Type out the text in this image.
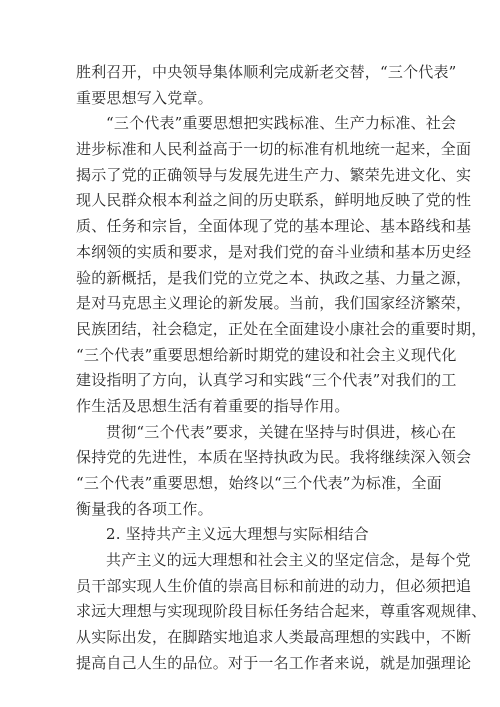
胜利召开，中央领导集体顺利完成新老交替，“三个代表”
重要思想写入党章。
“三个代表”重要思想把实践标准、生产力标准、社会
进步标准和人民利益高于一切的标准有机地统一起来，全面
揭示了党的正确领导与发展先进生产力、繁荣先进文化、实
现人民群众根本利益之间的历史联系，鲜明地反映了党的性
质、任务和宗旨，全面体现了党的基本理论、基本路线和基
本纲领的实质和要求，是对我们党的奋斗业绩和基本历史经
验的新概括，是我们党的立党之本、执政之基、力量之源，
是对马克思主义理论的新发展。当前，我们国家经济繁荣，
民族团结，社会稳定，正处在全面建设小康社会的重要时期，
“三个代表”重要思想给新时期党的建设和社会主义现代化
建设指明了方向，认真学习和实践“三个代表”对我们的工
作生活及思想生活有着重要的指导作用。
贯彻“三个代表”要求，关键在坚持与时俱进，核心在
保持党的先进性，本质在坚持执政为民。我将继续深入领会
“三个代表”重要思想，始终以“三个代表”为标准，全面
衡量我的各项工作。
2. 坚持共产主义远大理想与实际相结合
共产主义的远大理想和社会主义的坚定信念，是每个党
员干部实现人生价值的崇高目标和前进的动力，但必须把追
求远大理想与实现现阶段目标任务结合起来，尊重客观规律、
从实际出发，在脚踏实地追求人类最高理想的实践中，不断
提高自己人生的品位。对于一名工作者来说，就是加强理论
